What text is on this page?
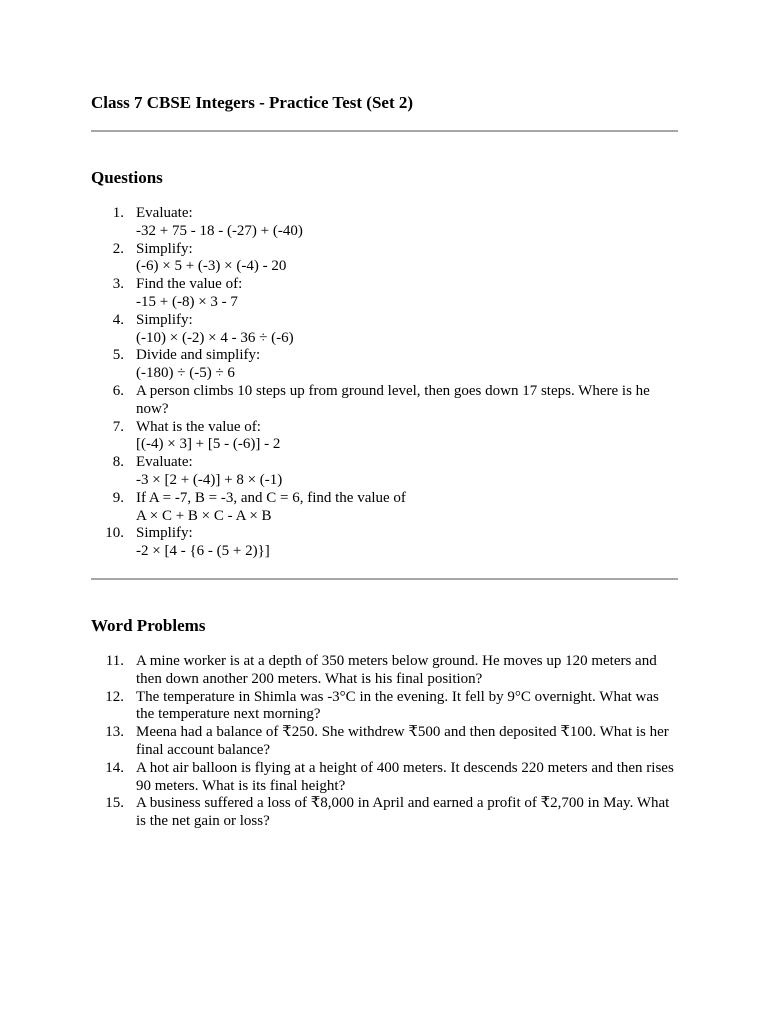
Class 7 CBSE Integers - Practice Test (Set 2)
Questions
1. Evaluate:
-32 + 75 - 18 - (-27) + (-40)
2. Simplify:
(-6) × 5 + (-3) × (-4) - 20
3. Find the value of:
-15 + (-8) × 3 - 7
4. Simplify:
(-10) × (-2) × 4 - 36 ÷ (-6)
5. Divide and simplify:
(-180) ÷ (-5) ÷ 6
6. A person climbs 10 steps up from ground level, then goes down 17 steps. Where is he now?
7. What is the value of:
[(-4) × 3] + [5 - (-6)] - 2
8. Evaluate:
-3 × [2 + (-4)] + 8 × (-1)
9. If A = -7, B = -3, and C = 6, find the value of
A × C + B × C - A × B
10. Simplify:
-2 × [4 - {6 - (5 + 2)}]
Word Problems
11. A mine worker is at a depth of 350 meters below ground. He moves up 120 meters and then down another 200 meters. What is his final position?
12. The temperature in Shimla was -3°C in the evening. It fell by 9°C overnight. What was the temperature next morning?
13. Meena had a balance of ₹250. She withdrew ₹500 and then deposited ₹100. What is her final account balance?
14. A hot air balloon is flying at a height of 400 meters. It descends 220 meters and then rises 90 meters. What is its final height?
15. A business suffered a loss of ₹8,000 in April and earned a profit of ₹2,700 in May. What is the net gain or loss?
